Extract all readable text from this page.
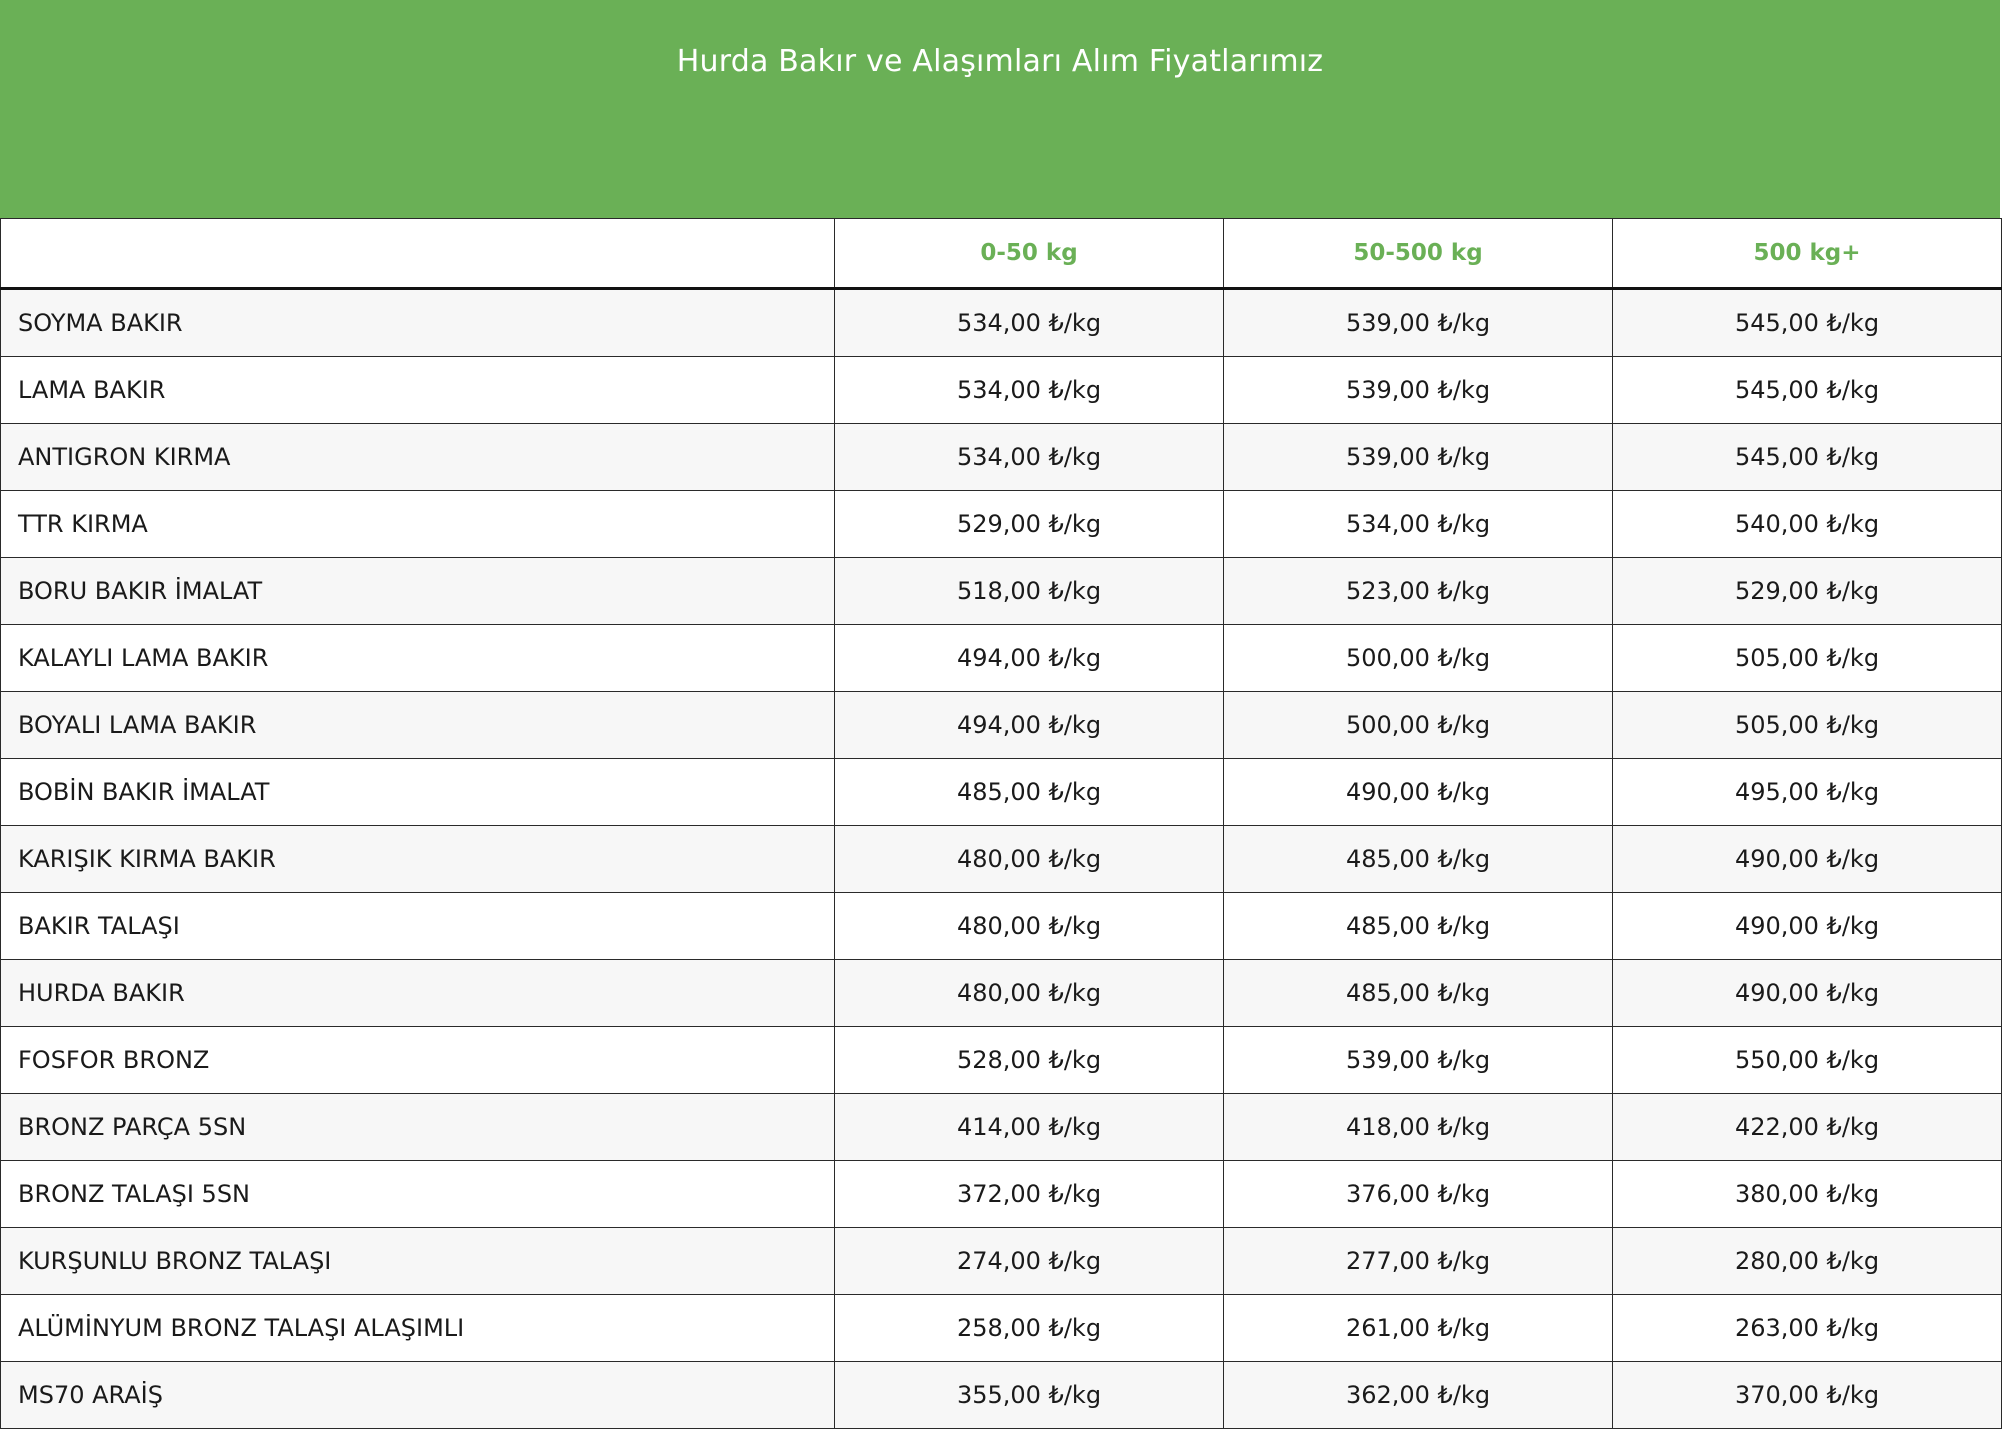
Hurda Bakır ve Alaşımları Alım Fiyatlarımız
	0-50 kg	50-500 kg	500 kg+
SOYMA BAKIR	534,00 ₺/kg	539,00 ₺/kg	545,00 ₺/kg
LAMA BAKIR	534,00 ₺/kg	539,00 ₺/kg	545,00 ₺/kg
ANTIGRON KIRMA	534,00 ₺/kg	539,00 ₺/kg	545,00 ₺/kg
TTR KIRMA	529,00 ₺/kg	534,00 ₺/kg	540,00 ₺/kg
BORU BAKIR İMALAT	518,00 ₺/kg	523,00 ₺/kg	529,00 ₺/kg
KALAYLI LAMA BAKIR	494,00 ₺/kg	500,00 ₺/kg	505,00 ₺/kg
BOYALI LAMA BAKIR	494,00 ₺/kg	500,00 ₺/kg	505,00 ₺/kg
BOBİN BAKIR İMALAT	485,00 ₺/kg	490,00 ₺/kg	495,00 ₺/kg
KARIŞIK KIRMA BAKIR	480,00 ₺/kg	485,00 ₺/kg	490,00 ₺/kg
BAKIR TALAŞI	480,00 ₺/kg	485,00 ₺/kg	490,00 ₺/kg
HURDA BAKIR	480,00 ₺/kg	485,00 ₺/kg	490,00 ₺/kg
FOSFOR BRONZ	528,00 ₺/kg	539,00 ₺/kg	550,00 ₺/kg
BRONZ PARÇA 5SN	414,00 ₺/kg	418,00 ₺/kg	422,00 ₺/kg
BRONZ TALAŞI 5SN	372,00 ₺/kg	376,00 ₺/kg	380,00 ₺/kg
KURŞUNLU BRONZ TALAŞI	274,00 ₺/kg	277,00 ₺/kg	280,00 ₺/kg
ALÜMİNYUM BRONZ TALAŞI ALAŞIMLI	258,00 ₺/kg	261,00 ₺/kg	263,00 ₺/kg
MS70 ARAİŞ	355,00 ₺/kg	362,00 ₺/kg	370,00 ₺/kg
